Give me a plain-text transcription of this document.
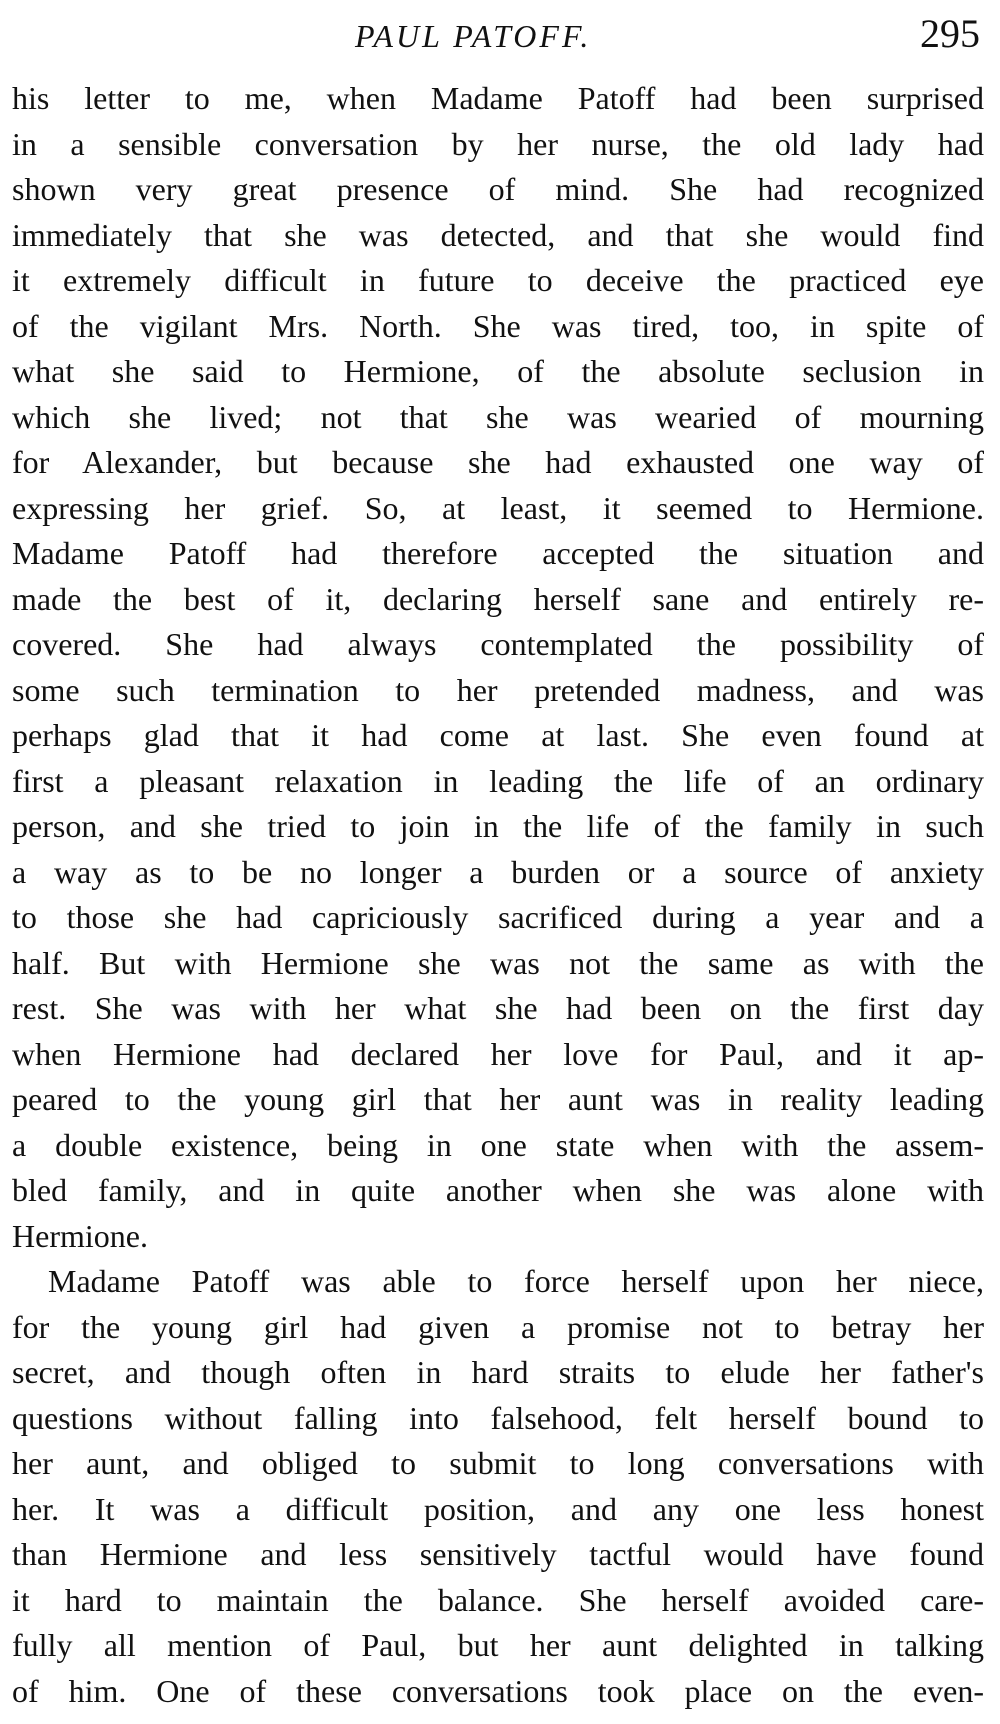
PAUL PATOFF.	295
his letter to me, when Madame Patoff had been surprised
in a sensible conversation by her nurse, the old lady had
shown very great presence of mind. She had recognized
immediately that she was detected, and that she would find
it extremely difficult in future to deceive the practiced eye
of the vigilant Mrs. North. She was tired, too, in spite of
what she said to Hermione, of the absolute seclusion in
which she lived; not that she was wearied of mourning
for Alexander, but because she had exhausted one way of
expressing her grief. So, at least, it seemed to Hermione.
Madame Patoff had therefore accepted the situation and
made the best of it, declaring herself sane and entirely re-
covered. She had always contemplated the possibility of
some such termination to her pretended madness, and was
perhaps glad that it had come at last. She even found at
first a pleasant relaxation in leading the life of an ordinary
person, and she tried to join in the life of the family in such
a way as to be no longer a burden or a source of anxiety
to those she had capriciously sacrificed during a year and a
half. But with Hermione she was not the same as with the
rest. She was with her what she had been on the first day
when Hermione had declared her love for Paul, and it ap-
peared to the young girl that her aunt was in reality leading
a double existence, being in one state when with the assem-
bled family, and in quite another when she was alone with
Hermione.
Madame Patoff was able to force herself upon her niece,
for the young girl had given a promise not to betray her
secret, and though often in hard straits to elude her father's
questions without falling into falsehood, felt herself bound to
her aunt, and obliged to submit to long conversations with
her. It was a difficult position, and any one less honest
than Hermione and less sensitively tactful would have found
it hard to maintain the balance. She herself avoided care-
fully all mention of Paul, but her aunt delighted in talking
of him. One of these conversations took place on the even-
